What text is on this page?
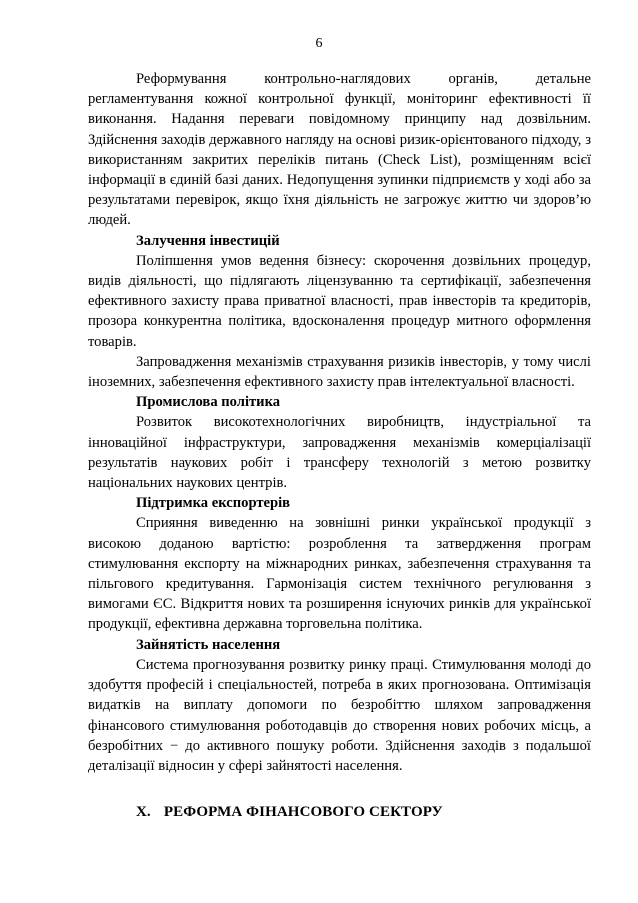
6

Реформування контрольно-наглядових органів, детальне регламентування кожної контрольної функції, моніторинг ефективності її виконання. Надання переваги повідомному принципу над дозвільним. Здійснення заходів державного нагляду на основі ризик-орієнтованого підходу, з використанням закритих переліків питань (Check List), розміщенням всієї інформації в єдиній базі даних. Недопущення зупинки підприємств у ході або за результатами перевірок, якщо їхня діяльність не загрожує життю чи здоров’ю людей.

Залучення інвестицій

Поліпшення умов ведення бізнесу: скорочення дозвільних процедур, видів діяльності, що підлягають ліцензуванню та сертифікації, забезпечення ефективного захисту права приватної власності, прав інвесторів та кредиторів, прозора конкурентна політика, вдосконалення процедур митного оформлення товарів.

Запровадження механізмів страхування ризиків інвесторів, у тому числі іноземних, забезпечення ефективного захисту прав інтелектуальної власності.

Промислова політика

Розвиток високотехнологічних виробництв, індустріальної та інноваційної інфраструктури, запровадження механізмів комерціалізації результатів наукових робіт і трансферу технологій з метою розвитку національних наукових центрів.

Підтримка експортерів

Сприяння виведенню на зовнішні ринки української продукції з високою доданою вартістю: розроблення та затвердження програм стимулювання експорту на міжнародних ринках, забезпечення страхування та пільгового кредитування. Гармонізація систем технічного регулювання з вимогами ЄС. Відкриття нових та розширення існуючих ринків для української продукції, ефективна державна торговельна політика.

Зайнятість населення

Система прогнозування розвитку ринку праці. Стимулювання молоді до здобуття професій і спеціальностей, потреба в яких прогнозована. Оптимізація видатків на виплату допомоги по безробіттю шляхом запровадження фінансового стимулювання роботодавців до створення нових робочих місць, а безробітних − до активного пошуку роботи. Здійснення заходів з подальшої деталізації відносин у сфері зайнятості населення.

X. РЕФОРМА ФІНАНСОВОГО СЕКТОРУ
